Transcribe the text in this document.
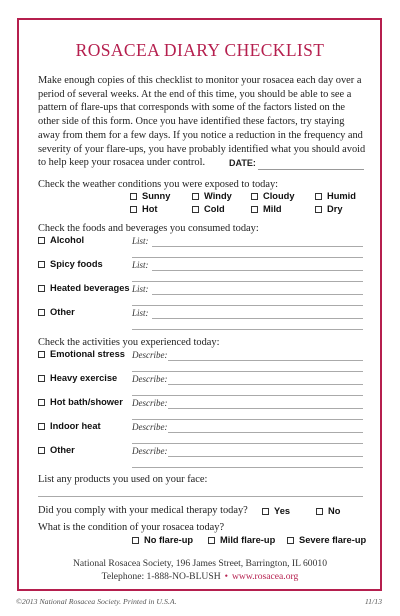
ROSACEA DIARY CHECKLIST
Make enough copies of this checklist to monitor your rosacea each day over a period of several weeks. At the end of this time, you should be able to see a pattern of flare-ups that corresponds with some of the factors listed on the other side of this form. Once you have identified these factors, try staying away from them for a few days. If you notice a reduction in the frequency and severity of your flare-ups, you have probably identified what you should avoid to help keep your rosacea under control.	DATE:
Check the weather conditions you were exposed to today:
Sunny	Windy	Cloudy	Humid
Hot	Cold	Mild	Dry
Check the foods and beverages you consumed today:
Alcohol	List:
Spicy foods	List:
Heated beverages List:
Other	List:
Check the activities you experienced today:
Emotional stress Describe:
Heavy exercise Describe:
Hot bath/shower Describe:
Indoor heat	Describe:
Other	Describe:
List any products you used on your face:
Did you comply with your medical therapy today?	Yes	No
What is the condition of your rosacea today?
No flare-up	Mild flare-up	Severe flare-up
National Rosacea Society, 196 James Street, Barrington, IL 60010
Telephone: 1-888-NO-BLUSH • www.rosacea.org
©2013 National Rosacea Society. Printed in U.S.A.	11/13
